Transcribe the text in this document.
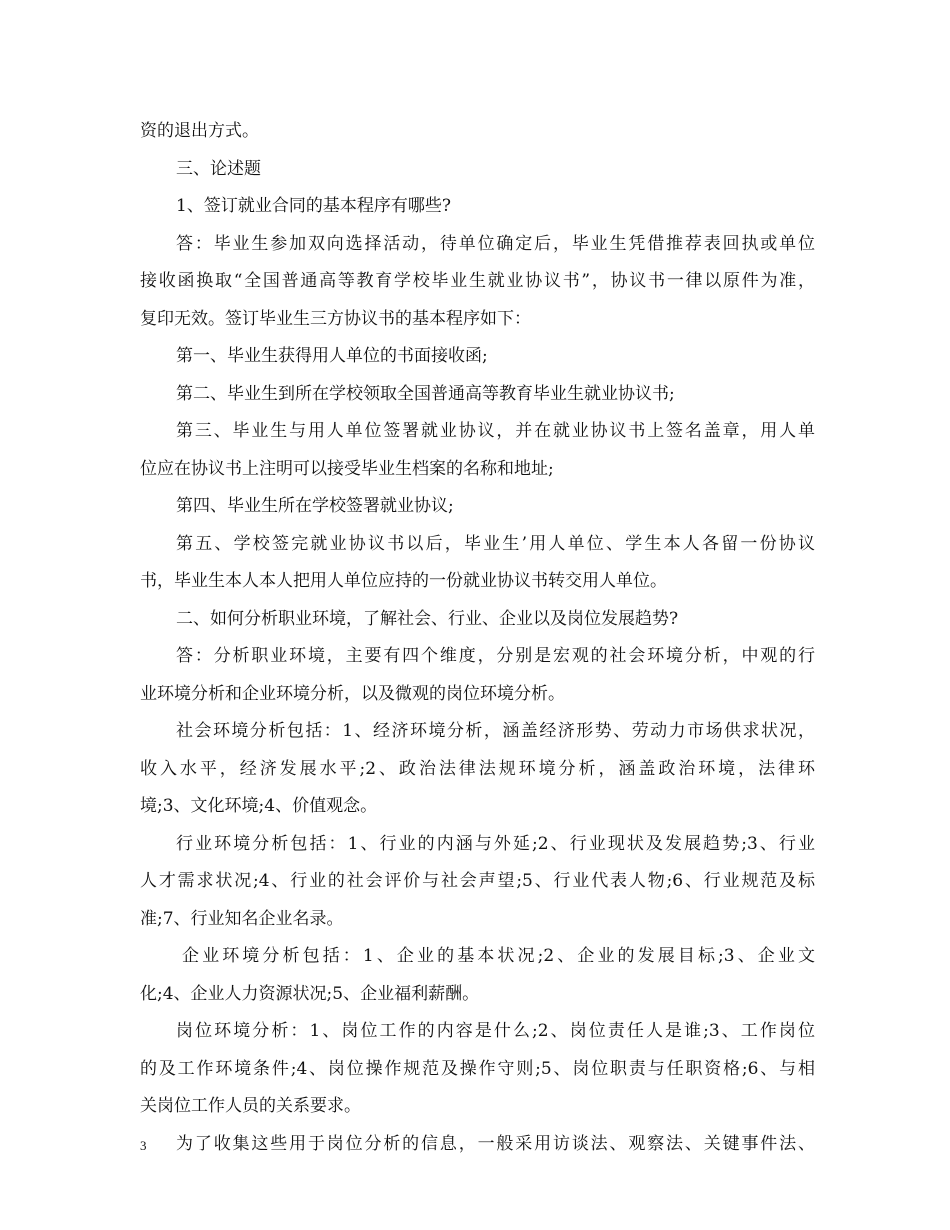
资的退出方式。
三、论述题
1、签订就业合同的基本程序有哪些?
答：毕业生参加双向选择活动，待单位确定后，毕业生凭借推荐表回执或单位
接收函换取“全国普通高等教育学校毕业生就业协议书”，协议书一律以原件为准，
复印无效。签订毕业生三方协议书的基本程序如下：
第一、毕业生获得用人单位的书面接收函;
第二、毕业生到所在学校领取全国普通高等教育毕业生就业协议书;
第三、毕业生与用人单位签署就业协议，并在就业协议书上签名盖章，用人单
位应在协议书上注明可以接受毕业生档案的名称和地址;
第四、毕业生所在学校签署就业协议;
第五、学校签完就业协议书以后，毕业生’用人单位、学生本人各留一份协议
书，毕业生本人本人把用人单位应持的一份就业协议书转交用人单位。
二、如何分析职业环境，了解社会、行业、企业以及岗位发展趋势?
答：分析职业环境，主要有四个维度，分别是宏观的社会环境分析，中观的行
业环境分析和企业环境分析，以及微观的岗位环境分析。
社会环境分析包括：1、经济环境分析，涵盖经济形势、劳动力市场供求状况，
收入水平，经济发展水平;2、政治法律法规环境分析，涵盖政治环境，法律环
境;3、文化环境;4、价值观念。
行业环境分析包括：1、行业的内涵与外延;2、行业现状及发展趋势;3、行业
人才需求状况;4、行业的社会评价与社会声望;5、行业代表人物;6、行业规范及标
准;7、行业知名企业名录。
企业环境分析包括：1、企业的基本状况;2、企业的发展目标;3、企业文
化;4、企业人力资源状况;5、企业福利薪酬。
岗位环境分析：1、岗位工作的内容是什么;2、岗位责任人是谁;3、工作岗位
的及工作环境条件;4、岗位操作规范及操作守则;5、岗位职责与任职资格;6、与相
关岗位工作人员的关系要求。
为了收集这些用于岗位分析的信息，一般采用访谈法、观察法、关键事件法、
3
